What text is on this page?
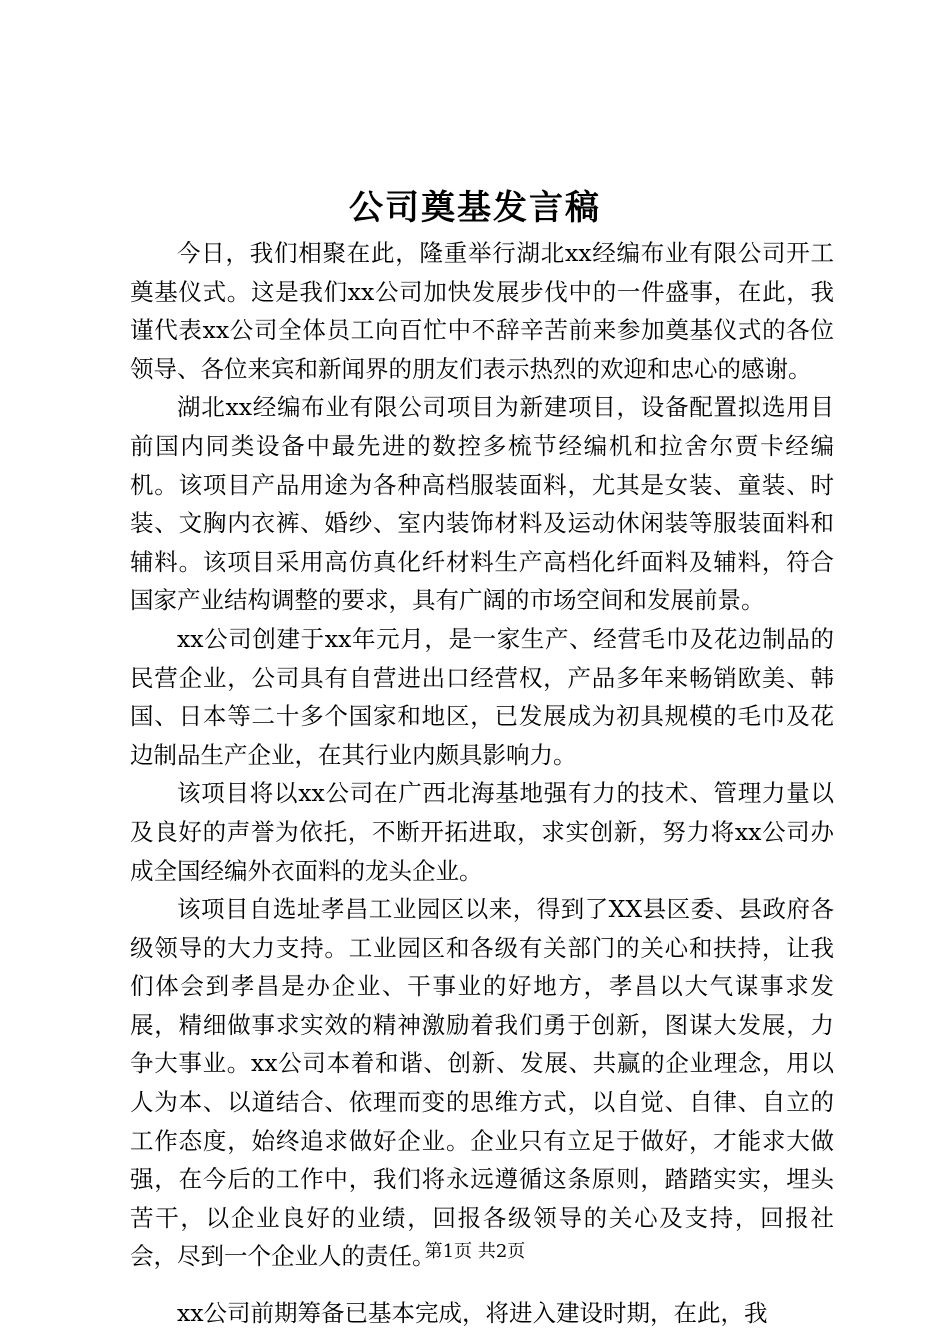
公司奠基发言稿

今日，我们相聚在此，隆重举行湖北xx经编布业有限公司开工奠基仪式。这是我们xx公司加快发展步伐中的一件盛事，在此，我谨代表xx公司全体员工向百忙中不辞辛苦前来参加奠基仪式的各位领导、各位来宾和新闻界的朋友们表示热烈的欢迎和忠心的感谢。

湖北xx经编布业有限公司项目为新建项目，设备配置拟选用目前国内同类设备中最先进的数控多梳节经编机和拉舍尔贾卡经编机。该项目产品用途为各种高档服装面料，尤其是女装、童装、时装、文胸内衣裤、婚纱、室内装饰材料及运动休闲装等服装面料和辅料。该项目采用高仿真化纤材料生产高档化纤面料及辅料，符合国家产业结构调整的要求，具有广阔的市场空间和发展前景。

xx公司创建于xx年元月，是一家生产、经营毛巾及花边制品的民营企业，公司具有自营进出口经营权，产品多年来畅销欧美、韩国、日本等二十多个国家和地区，已发展成为初具规模的毛巾及花边制品生产企业，在其行业内颇具影响力。

该项目将以xx公司在广西北海基地强有力的技术、管理力量以及良好的声誉为依托，不断开拓进取，求实创新，努力将xx公司办成全国经编外衣面料的龙头企业。

该项目自选址孝昌工业园区以来，得到了XX县区委、县政府各级领导的大力支持。工业园区和各级有关部门的关心和扶持，让我们体会到孝昌是办企业、干事业的好地方，孝昌以大气谋事求发展，精细做事求实效的精神激励着我们勇于创新，图谋大发展，力争大事业。xx公司本着和谐、创新、发展、共赢的企业理念，用以人为本、以道结合、依理而变的思维方式，以自觉、自律、自立的工作态度，始终追求做好企业。企业只有立足于做好，才能求大做强，在今后的工作中，我们将永远遵循这条原则，踏踏实实，埋头苦干，以企业良好的业绩，回报各级领导的关心及支持，回报社会，尽到一个企业人的责任。

xx公司前期筹备已基本完成，将进入建设时期，在此，我

第1页 共2页
